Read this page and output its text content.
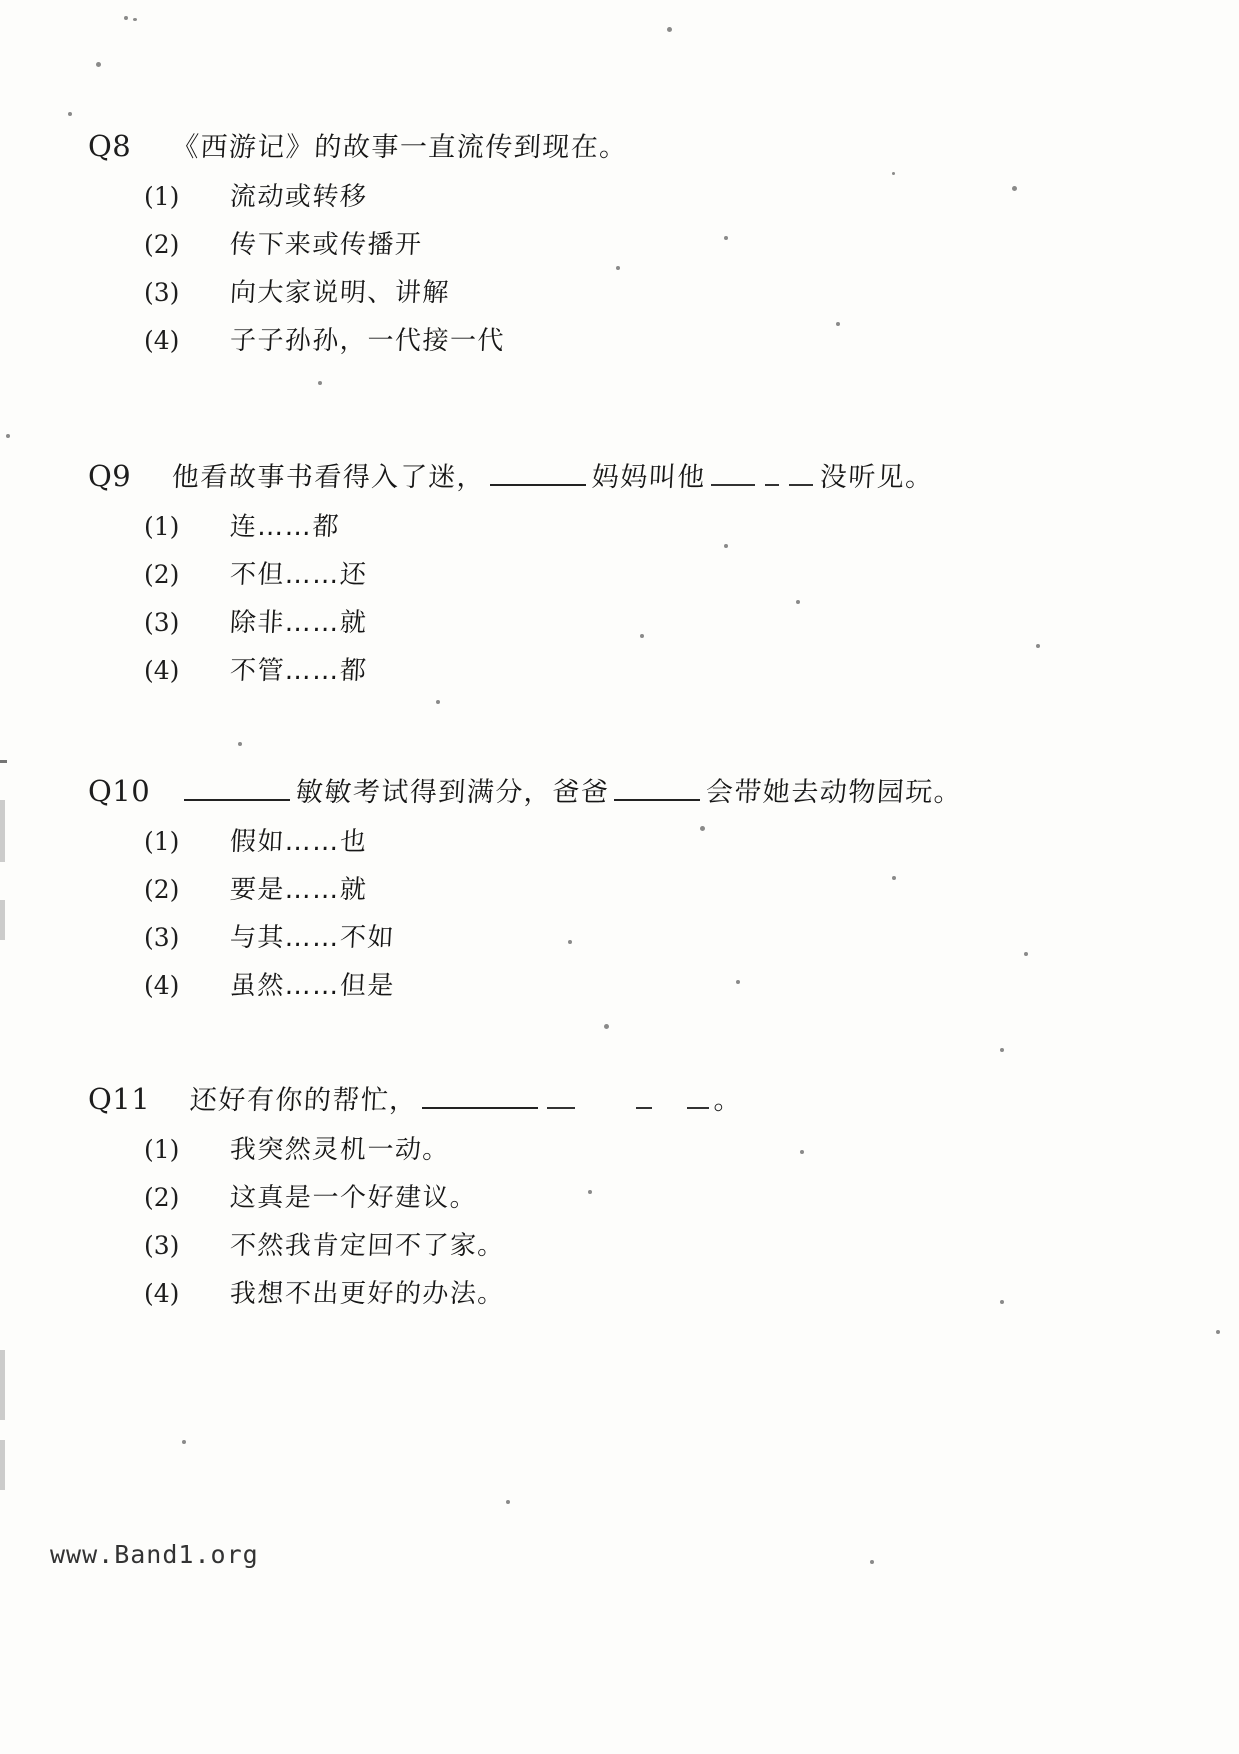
Q8	《西游记》的故事一直流传到现在。
(1)	流动或转移
(2)	传下来或传播开
(3)	向大家说明、讲解
(4)	子子孙孙，一代接一代
Q9	他看故事书看得入了迷，	妈妈叫他	没听见。
(1)	连……都
(2)	不但……还
(3)	除非……就
(4)	不管……都
Q10	敏敏考试得到满分，爸爸	会带她去动物园玩。
(1)	假如……也
(2)	要是……就
(3)	与其……不如
(4)	虽然……但是
Q11	还好有你的帮忙，	。
(1)	我突然灵机一动。
(2)	这真是一个好建议。
(3)	不然我肯定回不了家。
(4)	我想不出更好的办法。
www.Band1.org
